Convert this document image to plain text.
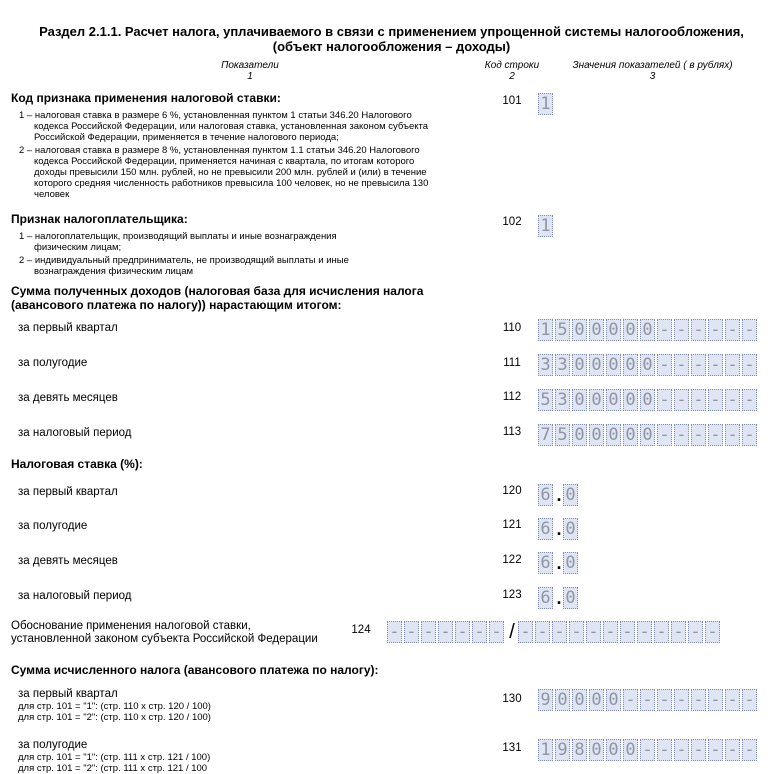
Раздел 2.1.1. Расчет налога, уплачиваемого в связи с применением упрощенной системы налогообложения,
(объект налогообложения – доходы)
Показатели
1
Код строки
2
Значения показателей ( в рублях)
3
Код признака применения налоговой ставки:
1 – налоговая ставка в размере 6 %, установленная пунктом 1 статьи 346.20 Налогового
кодекса Российской Федерации, или налоговая ставка, установленная законом субъекта
Российской Федерации, применяется в течение налогового периода;
2 – налоговая ставка в размере 8 %, установленная пунктом 1.1 статьи 346.20 Налогового
кодекса Российской Федерации, применяется начиная с квартала, по итогам которого
доходы превысили 150 млн. рублей, но не превысили 200 млн. рублей и (или) в течение
которого средняя численность работников превысила 100 человек, но не превысила 130
человек
101	1
Признак налогоплательщика:
1 – налогоплательщик, производящий выплаты и иные вознаграждения
физическим лицам;
2 – индивидуальный предприниматель, не производящий выплаты и иные
вознаграждения физическим лицам
102	1
Сумма полученных доходов (налоговая база для исчисления налога
(авансового платежа по налогу)) нарастающим итогом:
за первый квартал	110	1 5 0 0 0 0 0 - - - - - -
за полугодие	111	3 3 0 0 0 0 0 - - - - - -
за девять месяцев	112	5 3 0 0 0 0 0 - - - - - -
за налоговый период	113	7 5 0 0 0 0 0 - - - - - -
Налоговая ставка (%):
за первый квартал	120	6 . 0
за полугодие	121	6 . 0
за девять месяцев	122	6 . 0
за налоговый период	123	6 . 0
Обоснование применения налоговой ставки,
установленной законом субъекта Российской Федерации
124	- - - - - - - / - - - - - - - - - - - -
Сумма исчисленного налога (авансового платежа по налогу):
за первый квартал
для стр. 101 = "1": (стр. 110 х стр. 120 / 100)
для стр. 101 = "2": (стр. 110 х стр. 120 / 100)
130	9 0 0 0 0 - - - - - - - -
за полугодие
для стр. 101 = "1": (стр. 111 х стр. 121 / 100)
для стр. 101 = "2": (стр. 111 х стр. 121 / 100
131	1 9 8 0 0 0 - - - - - - -
